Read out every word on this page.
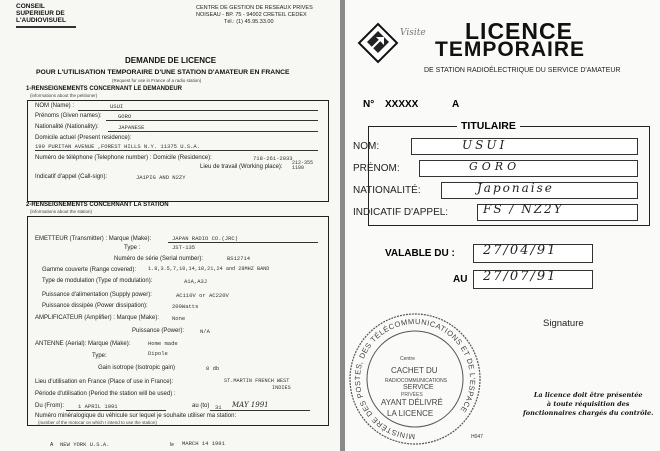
CONSEIL
SUPERIEUR DE
L'AUDIOVISUEL
CENTRE DE GESTION DE RESEAUX PRIVES
NOISEAU - BP. 75 - 94002 CRETEIL CEDEX
Tél.: (1) 45.95.33.00
DEMANDE DE LICENCE
POUR L'UTILISATION TEMPORAIRE D'UNE STATION D'AMATEUR EN FRANCE
(Request for use in France of a radio station)
1-RENSEIGNEMENTS CONCERNANT LE DEMANDEUR
(informations about the petitioner)
NOM (Name) :	USUI
Prénoms (Given names):	GORO
Nationalité (Nationality):	JAPANESE
Domicile actuel (Present residence):
199 PURITAN AVENUE ,FOREST HILLS N.Y. 11375 U.S.A.
Numéro de téléphone (Telephone number) : Domicile (Residence):	718-261-2033
Lieu de travail (Working place):
212-355
1180
Indicatif d'appel (Call-sign):	JA1PIG AND N2ZY
2-RENSEIGNEMENTS CONCERNANT LA STATION
(informations about the station)
EMETTEUR (Transmitter) : Marque (Make):	JAPAN RADIO CO.(JRC)
Type :	JST-135
Numéro de série (Serial number):	BS12714
Gamme couverte (Range covered): 1.8,3.5,7,10,14,18,21,24 and 28MHZ BAND
Type de modulation (Type of modulation):	A1A,A3J
Puissance d'alimentation (Supply power):	AC110V or AC220V
Puissance dissipée (Power dissipation):	200Watts
AMPLIFICATEUR (Amplifier) : Marque (Make): None
Puissance (Power):	N/A
ANTENNE (Aerial): Marque (Make):	Home made
Type:	Dipole
Gain isotrope (Isotropic gain)	0 db
Lieu d'utilisation en France (Place of use in France):	ST.MARTIN FRENCH WEST
INDIES
Période d'utilisation (Period the station will be used) :
Du (From):	1 APRIL 1991	au (to) 31 MAY 1991
Numéro minéralogique du véhicule sur lequel je souhaite utiliser ma station:
(number of the motocar on which I intend to use the station)
A NEW YORK U.S.A.	le MARCH 14 1991
Visite LICENCE
TEMPORAIRE
DE STATION RADIOÉLECTRIQUE DU SERVICE D'AMATEUR
N° XXXXX	A
TITULAIRE
NOM:	USUI
PRÉNOM:	GORO
NATIONALITÉ:	Japonaise
INDICATIF D'APPEL:	FS / NZ2Y
VALABLE DU : 27/04/91
AU 27/07/91
Signature
MINISTÈRE DES POSTES, DES TÉLÉCOMMUNICATIONS ET DE L'ESPACE
Centre
CACHET DU
RADIOCOMMUNICATIONS
SERVICE
PRIVÉES
AYANT DÉLIVRÉ
LA LICENCE
La licence doit être présentée
à toute réquisition des
fonctionnaires chargés du contrôle.
H047
